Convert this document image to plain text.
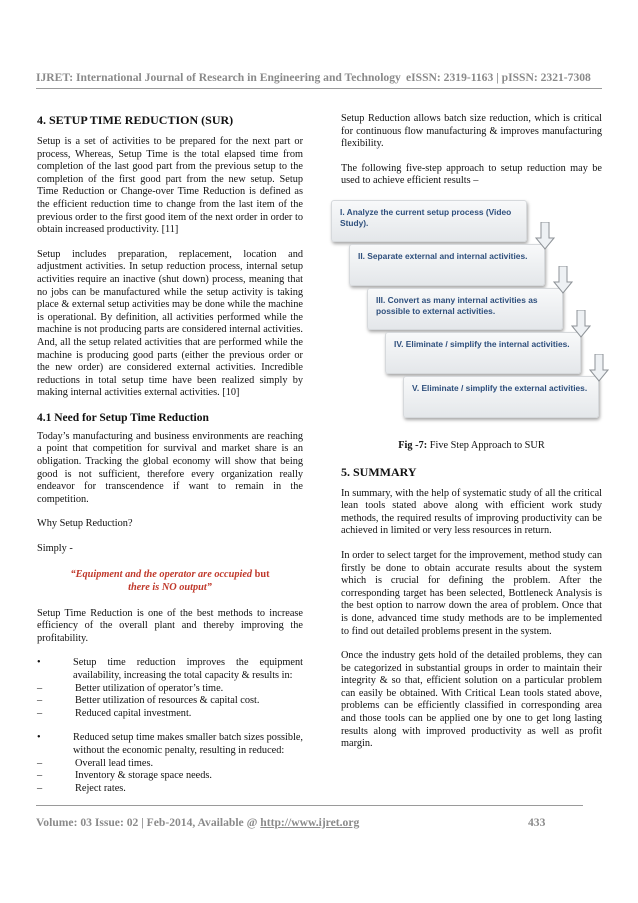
IJRET: International Journal of Research in Engineering and Technology eISSN: 2319-1163 | pISSN: 2321-7308
4. SETUP TIME REDUCTION (SUR)

Setup is a set of activities to be prepared for the next part or process, Whereas, Setup Time is the total elapsed time from completion of the last good part from the previous setup to the completion of the first good part from the new setup. Setup Time Reduction or Change-over Time Reduction is defined as the efficient reduction time to change from the last item of the previous order to the first good item of the next order in order to obtain increased productivity. [11]

Setup includes preparation, replacement, location and adjustment activities. In setup reduction process, internal setup activities require an inactive (shut down) process, meaning that no jobs can be manufactured while the setup activity is taking place & external setup activities may be done while the machine is operational. By definition, all activities performed while the machine is not producing parts are considered internal activities. And, all the setup related activities that are performed while the machine is producing good parts (either the previous order or the new order) are considered external activities. Incredible reductions in total setup time have been realized simply by making internal activities external activities. [10]

4.1 Need for Setup Time Reduction

Today’s manufacturing and business environments are reaching a point that competition for survival and market share is an obligation. Tracking the global economy will show that being good is not sufficient, therefore every organization really endeavor for transcendence if want to remain in the competition.

Why Setup Reduction?

Simply -

“Equipment and the operator are occupied but
there is NO output”

Setup Time Reduction is one of the best methods to increase efficiency of the overall plant and thereby improving the profitability.

•	Setup time reduction improves the equipment availability, increasing the total capacity & results in:
–	Better utilization of operator’s time.
–	Better utilization of resources & capital cost.
–	Reduced capital investment.
•	Reduced setup time makes smaller batch sizes possible, without the economic penalty, resulting in reduced:
–	Overall lead times.
–	Inventory & storage space needs.
–	Reject rates.

Setup Reduction allows batch size reduction, which is critical for continuous flow manufacturing & improves manufacturing flexibility.

The following five-step approach to setup reduction may be used to achieve efficient results –

I. Analyze the current setup process (Video Study).
II. Separate external and internal activities.
III. Convert as many internal activities as possible to external activities.
IV. Eliminate / simplify the internal activities.
V. Eliminate / simplify the external activities.

Fig -7: Five Step Approach to SUR

5. SUMMARY

In summary, with the help of systematic study of all the critical lean tools stated above along with efficient work study methods, the required results of improving productivity can be achieved in limited or very less resources in return.

In order to select target for the improvement, method study can firstly be done to obtain accurate results about the system which is crucial for defining the problem. After the corresponding target has been selected, Bottleneck Analysis is the best option to narrow down the area of problem. Once that is done, advanced time study methods are to be implemented to find out detailed problems present in the system.

Once the industry gets hold of the detailed problems, they can be categorized in substantial groups in order to maintain their integrity & so that, efficient solution on a particular problem can easily be obtained. With Critical Lean tools stated above, problems can be efficiently classified in corresponding area and those tools can be applied one by one to get long lasting results along with improved productivity as well as profit margin.

Volume: 03 Issue: 02 | Feb-2014, Available @ http://www.ijret.org	433
